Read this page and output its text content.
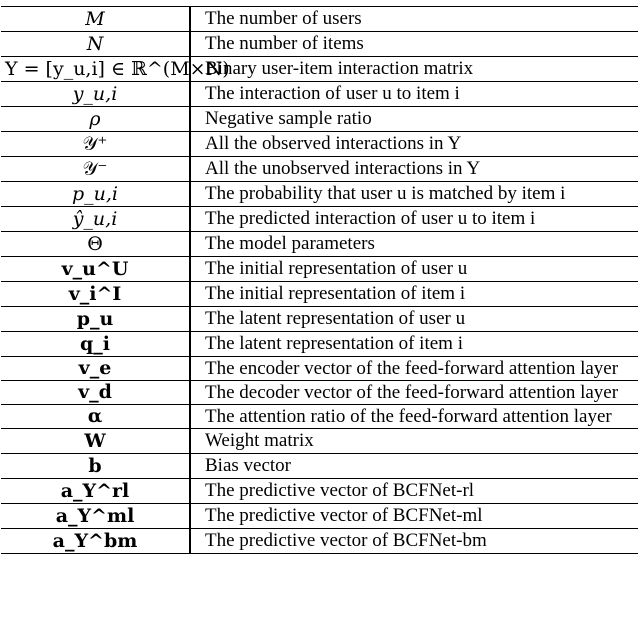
M	The number of users
N	The number of items
Y = [y_u,i] ∈ ℝ^(M×N)	Binary user-item interaction matrix
y_u,i	The interaction of user u to item i
ρ	Negative sample ratio
𝒴⁺	All the observed interactions in Y
𝒴⁻	All the unobserved interactions in Y
p_u,i	The probability that user u is matched by item i
ŷ_u,i	The predicted interaction of user u to item i
Θ	The model parameters
v_u^U	The initial representation of user u
v_i^I	The initial representation of item i
p_u	The latent representation of user u
q_i	The latent representation of item i
v_e	The encoder vector of the feed-forward attention layer
v_d	The decoder vector of the feed-forward attention layer
α	The attention ratio of the feed-forward attention layer
W	Weight matrix
b	Bias vector
a_Y^rl	The predictive vector of BCFNet-rl
a_Y^ml	The predictive vector of BCFNet-ml
a_Y^bm	The predictive vector of BCFNet-bm
